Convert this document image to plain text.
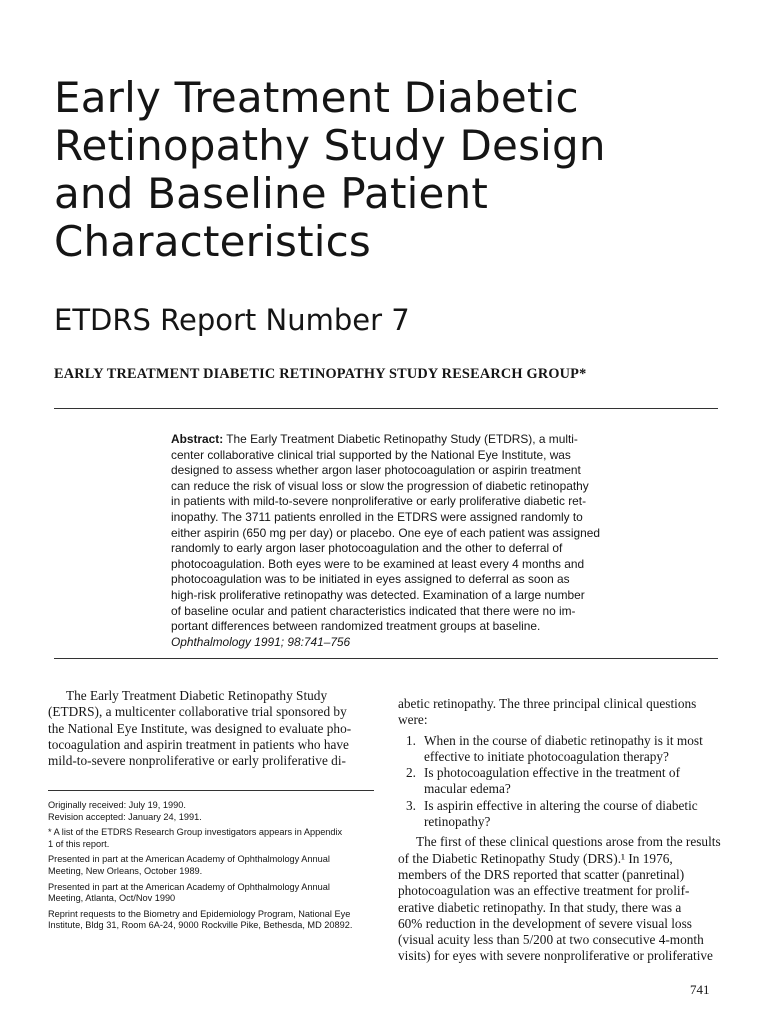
Early Treatment Diabetic
Retinopathy Study Design
and Baseline Patient
Characteristics
ETDRS Report Number 7
EARLY TREATMENT DIABETIC RETINOPATHY STUDY RESEARCH GROUP*
Abstract: The Early Treatment Diabetic Retinopathy Study (ETDRS), a multi-
center collaborative clinical trial supported by the National Eye Institute, was
designed to assess whether argon laser photocoagulation or aspirin treatment
can reduce the risk of visual loss or slow the progression of diabetic retinopathy
in patients with mild-to-severe nonproliferative or early proliferative diabetic ret-
inopathy. The 3711 patients enrolled in the ETDRS were assigned randomly to
either aspirin (650 mg per day) or placebo. One eye of each patient was assigned
randomly to early argon laser photocoagulation and the other to deferral of
photocoagulation. Both eyes were to be examined at least every 4 months and
photocoagulation was to be initiated in eyes assigned to deferral as soon as
high-risk proliferative retinopathy was detected. Examination of a large number
of baseline ocular and patient characteristics indicated that there were no im-
portant differences between randomized treatment groups at baseline.
Ophthalmology 1991; 98:741–756
The Early Treatment Diabetic Retinopathy Study
(ETDRS), a multicenter collaborative trial sponsored by
the National Eye Institute, was designed to evaluate pho-
tocoagulation and aspirin treatment in patients who have
mild-to-severe nonproliferative or early proliferative di-
Originally received: July 19, 1990.
Revision accepted: January 24, 1991.
* A list of the ETDRS Research Group investigators appears in Appendix
1 of this report.
Presented in part at the American Academy of Ophthalmology Annual
Meeting, New Orleans, October 1989.
Presented in part at the American Academy of Ophthalmology Annual
Meeting, Atlanta, Oct/Nov 1990
Reprint requests to the Biometry and Epidemiology Program, National Eye
Institute, Bldg 31, Room 6A-24, 9000 Rockville Pike, Bethesda, MD 20892.
abetic retinopathy. The three principal clinical questions
were:
1. When in the course of diabetic retinopathy is it most
effective to initiate photocoagulation therapy?
2. Is photocoagulation effective in the treatment of
macular edema?
3. Is aspirin effective in altering the course of diabetic
retinopathy?
The first of these clinical questions arose from the results
of the Diabetic Retinopathy Study (DRS).¹ In 1976,
members of the DRS reported that scatter (panretinal)
photocoagulation was an effective treatment for prolif-
erative diabetic retinopathy. In that study, there was a
60% reduction in the development of severe visual loss
(visual acuity less than 5/200 at two consecutive 4-month
visits) for eyes with severe nonproliferative or proliferative
741
